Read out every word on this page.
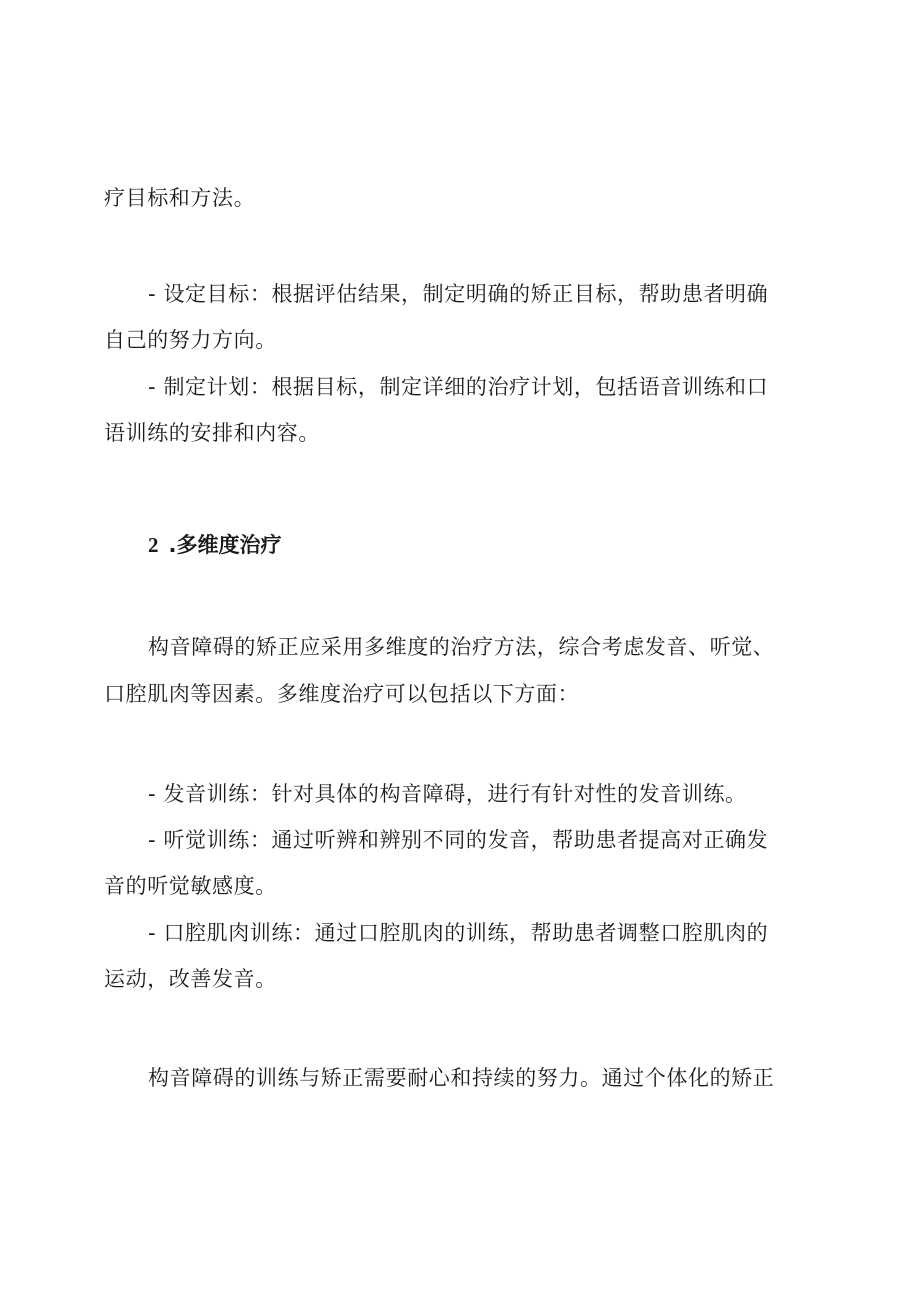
疗目标和方法。
- 设定目标：根据评估结果，制定明确的矫正目标，帮助患者明确
自己的努力方向。
- 制定计划：根据目标，制定详细的治疗计划，包括语音训练和口
语训练的安排和内容。
2 .多维度治疗
构音障碍的矫正应采用多维度的治疗方法，综合考虑发音、听觉、
口腔肌肉等因素。多维度治疗可以包括以下方面：
- 发音训练：针对具体的构音障碍，进行有针对性的发音训练。
- 听觉训练：通过听辨和辨别不同的发音，帮助患者提高对正确发
音的听觉敏感度。
- 口腔肌肉训练：通过口腔肌肉的训练，帮助患者调整口腔肌肉的
运动，改善发音。
构音障碍的训练与矫正需要耐心和持续的努力。通过个体化的矫正
